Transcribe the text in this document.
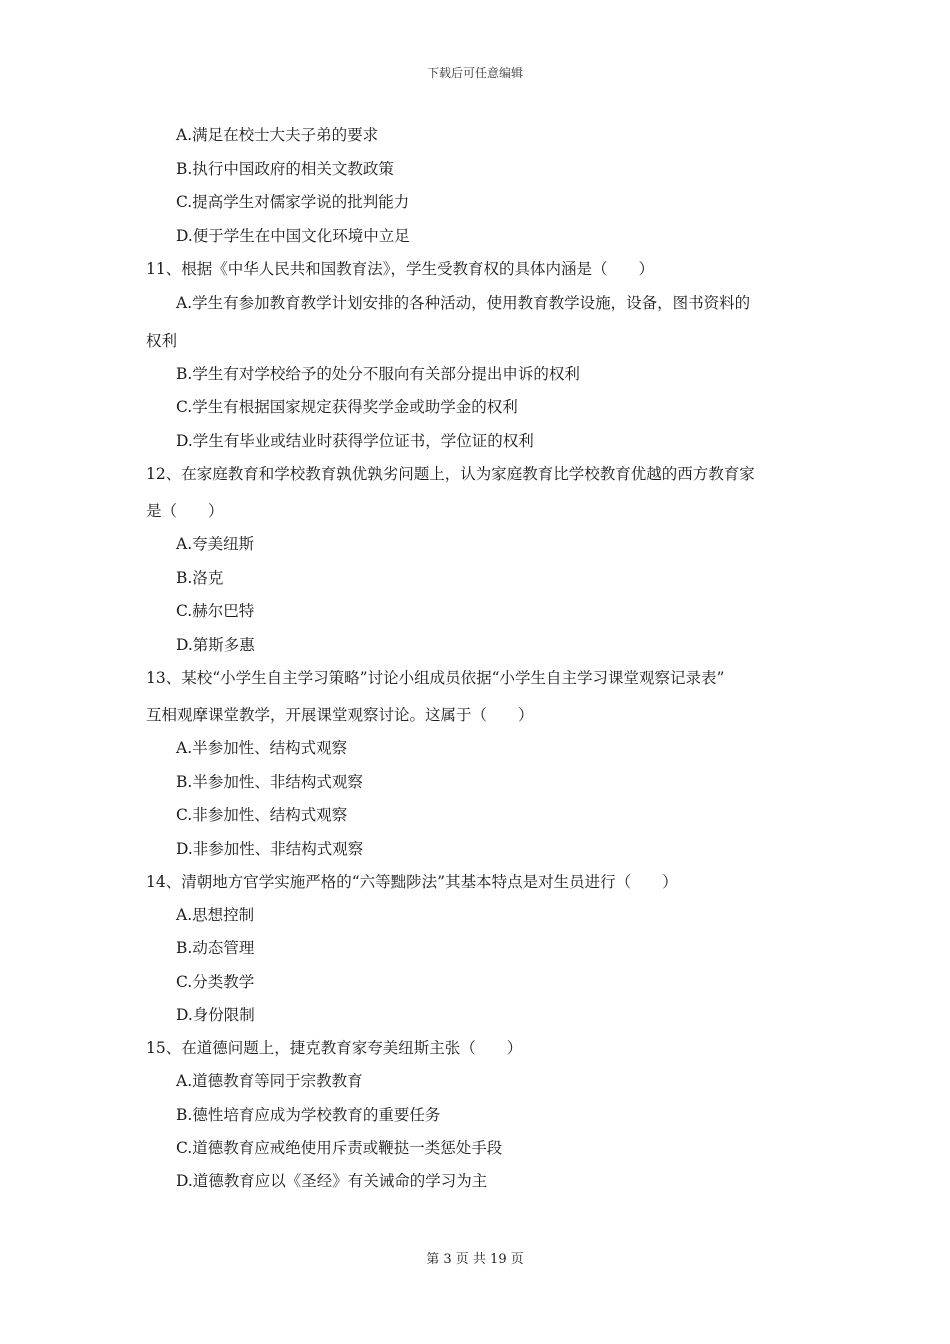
下载后可任意编辑
A.满足在校士大夫子弟的要求
B.执行中国政府的相关文教政策
C.提高学生对儒家学说的批判能力
D.便于学生在中国文化环境中立足
11、根据《中华人民共和国教育法》，学生受教育权的具体内涵是（　　）
A.学生有参加教育教学计划安排的各种活动，使用教育教学设施，设备，图书资料的
权利
B.学生有对学校给予的处分不服向有关部分提出申诉的权利
C.学生有根据国家规定获得奖学金或助学金的权利
D.学生有毕业或结业时获得学位证书，学位证的权利
12、在家庭教育和学校教育孰优孰劣问题上，认为家庭教育比学校教育优越的西方教育家
是（　　）
A.夸美纽斯
B.洛克
C.赫尔巴特
D.第斯多惠
13、某校“小学生自主学习策略”讨论小组成员依据“小学生自主学习课堂观察记录表”
互相观摩课堂教学，开展课堂观察讨论。这属于（　　）
A.半参加性、结构式观察
B.半参加性、非结构式观察
C.非参加性、结构式观察
D.非参加性、非结构式观察
14、清朝地方官学实施严格的“六等黜陟法”其基本特点是对生员进行（　　）
A.思想控制
B.动态管理
C.分类教学
D.身份限制
15、在道德问题上，捷克教育家夸美纽斯主张（　　）
A.道德教育等同于宗教教育
B.德性培育应成为学校教育的重要任务
C.道德教育应戒绝使用斥责或鞭挞一类惩处手段
D.道德教育应以《圣经》有关诫命的学习为主
第 3 页 共 19 页
